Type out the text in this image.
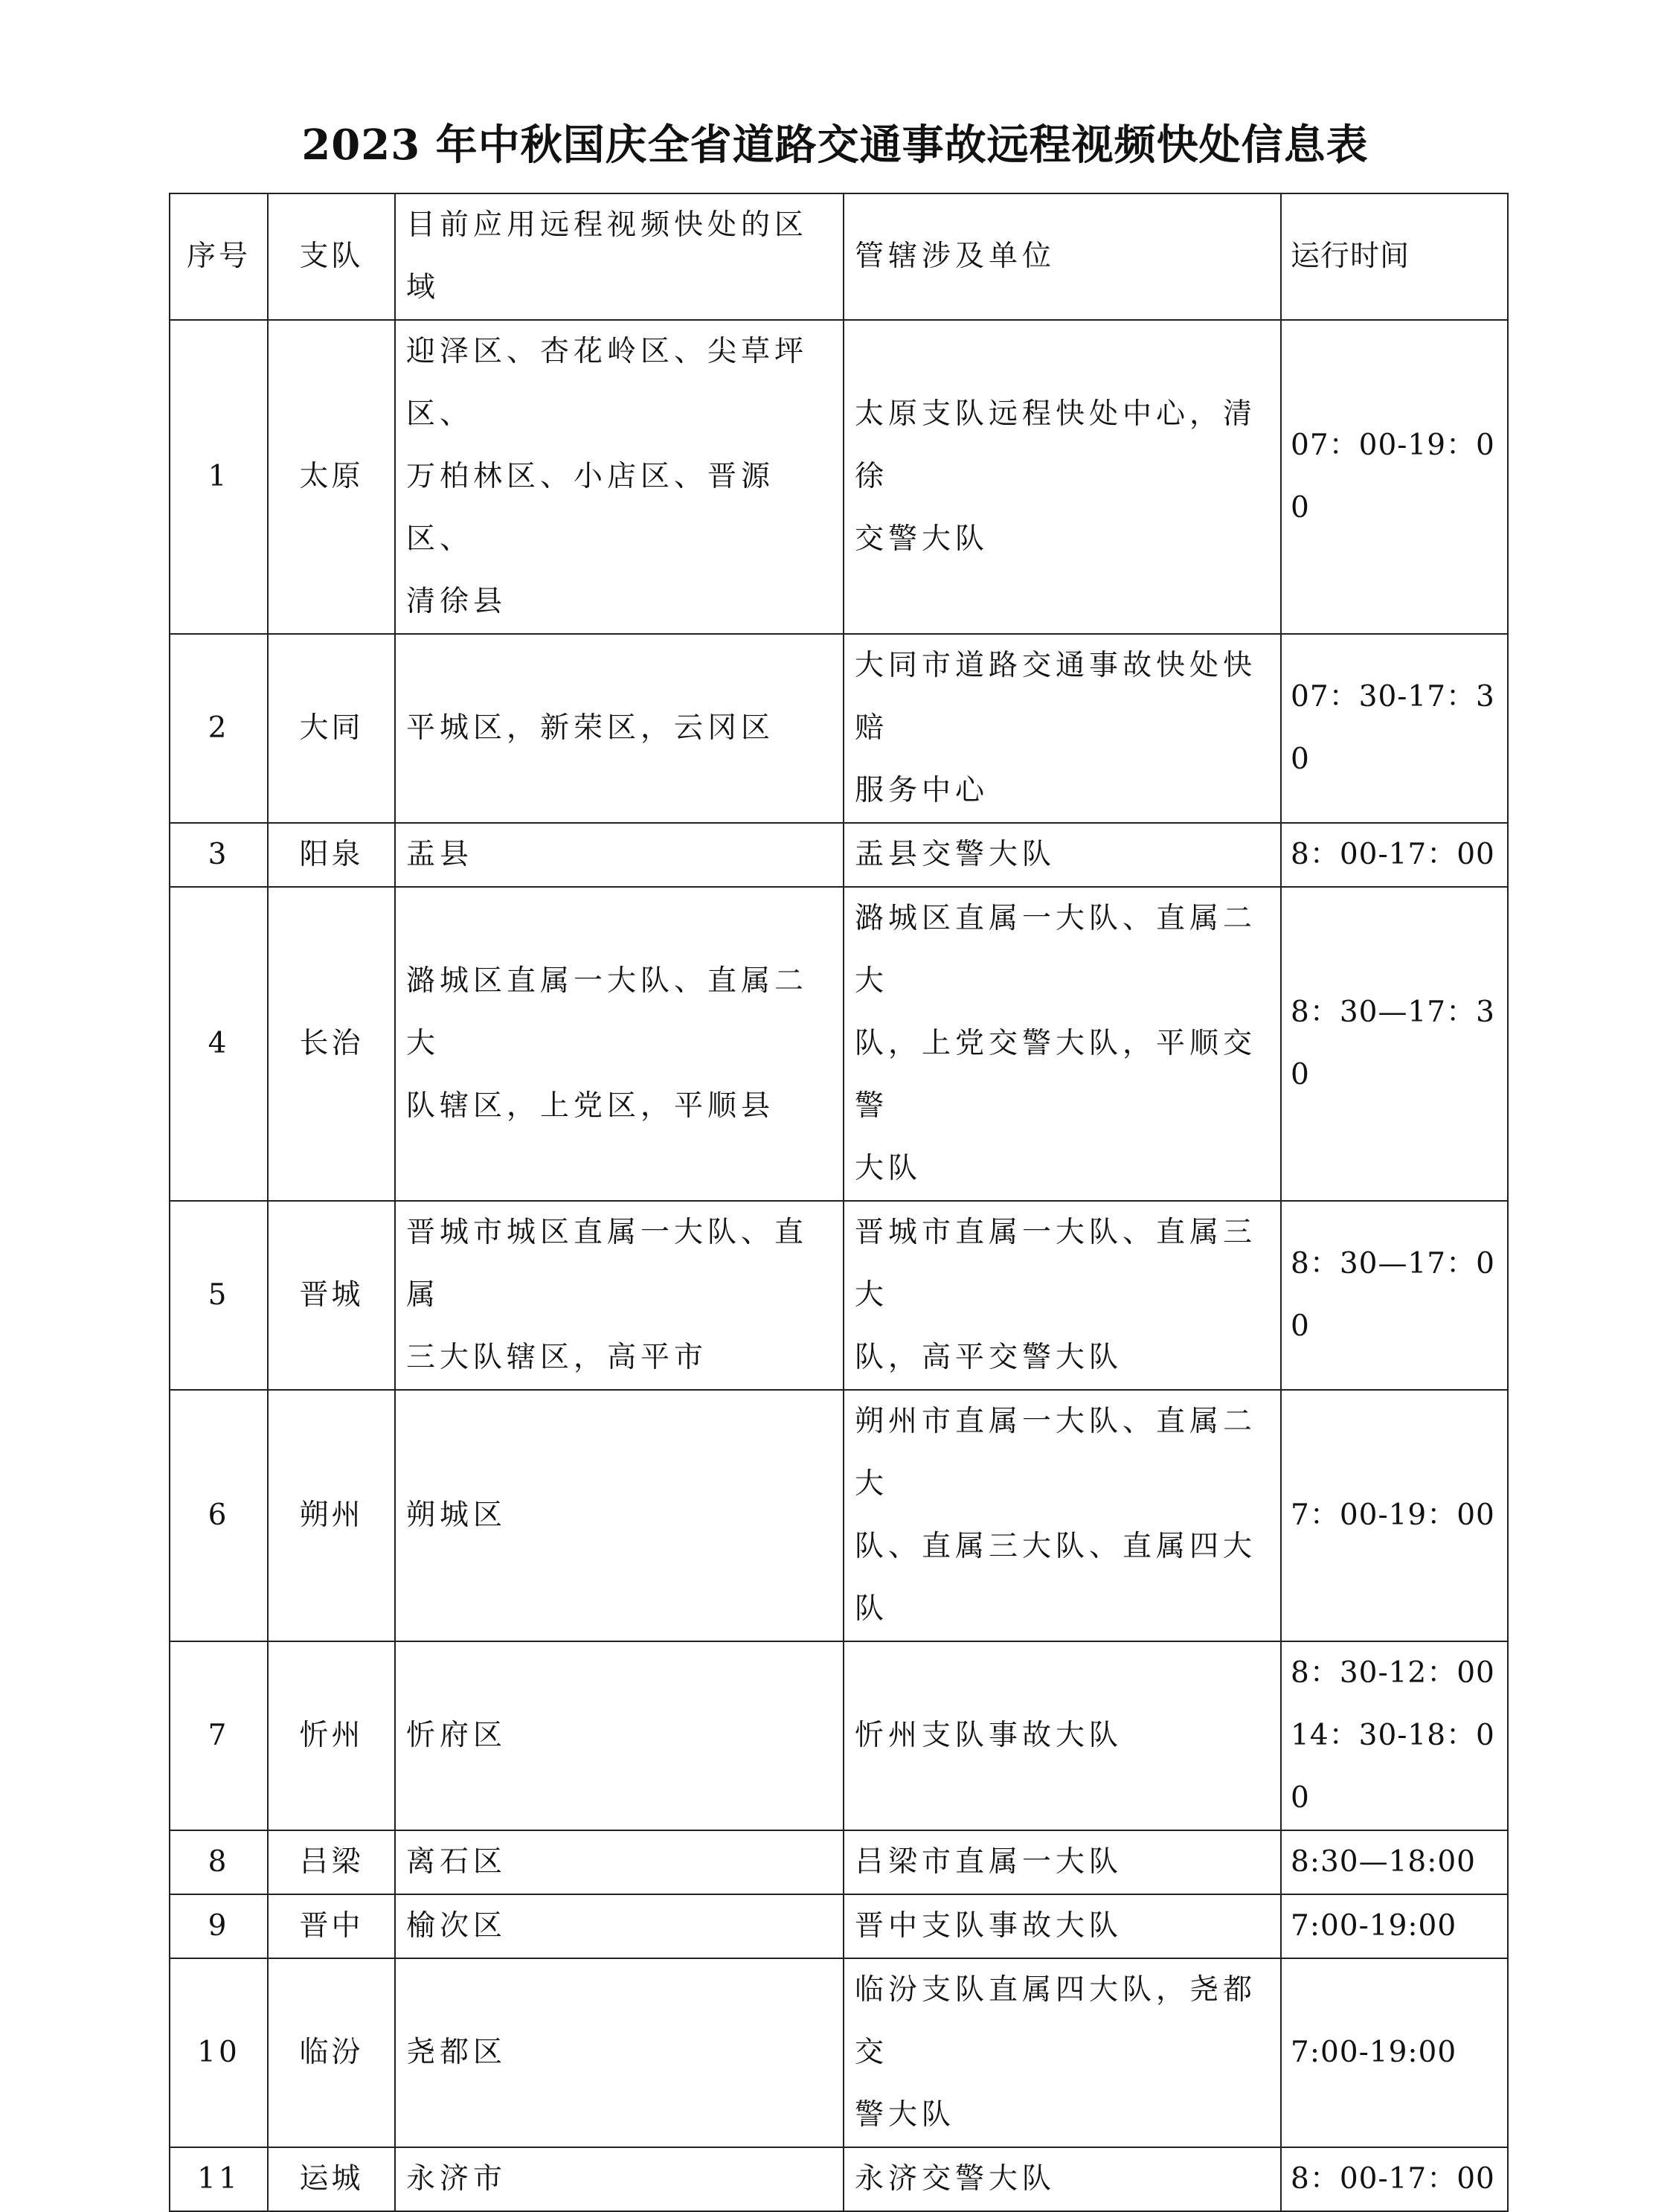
2023 年中秋国庆全省道路交通事故远程视频快处信息表
序号	支队	目前应用远程视频快处的区域	管辖涉及单位	运行时间
1	太原	迎泽区、杏花岭区、尖草坪区、
万柏林区、小店区、晋源区、
清徐县	太原支队远程快处中心，清徐
交警大队	07：00-19：00

2	大同	平城区，新荣区，云冈区	大同市道路交通事故快处快赔
服务中心	07：30-17：30

3	阳泉	盂县	盂县交警大队	8：00-17：00

4	长治	潞城区直属一大队、直属二大
队辖区，上党区，平顺县	潞城区直属一大队、直属二大
队，上党交警大队，平顺交警
大队	8：30—17：30

5	晋城	晋城市城区直属一大队、直属
三大队辖区，高平市	晋城市直属一大队、直属三大
队，高平交警大队	8：30—17：00

6	朔州	朔城区	朔州市直属一大队、直属二大
队、直属三大队、直属四大队	7：00-19：00

7	忻州	忻府区	忻州支队事故大队	8：30-12：00
14：30-18：00

8	吕梁	离石区	吕梁市直属一大队	8:30—18:00

9	晋中	榆次区	晋中支队事故大队	7:00-19:00

10	临汾	尧都区	临汾支队直属四大队，尧都交
警大队	7:00-19:00

11	运城	永济市	永济交警大队	8：00-17：00
